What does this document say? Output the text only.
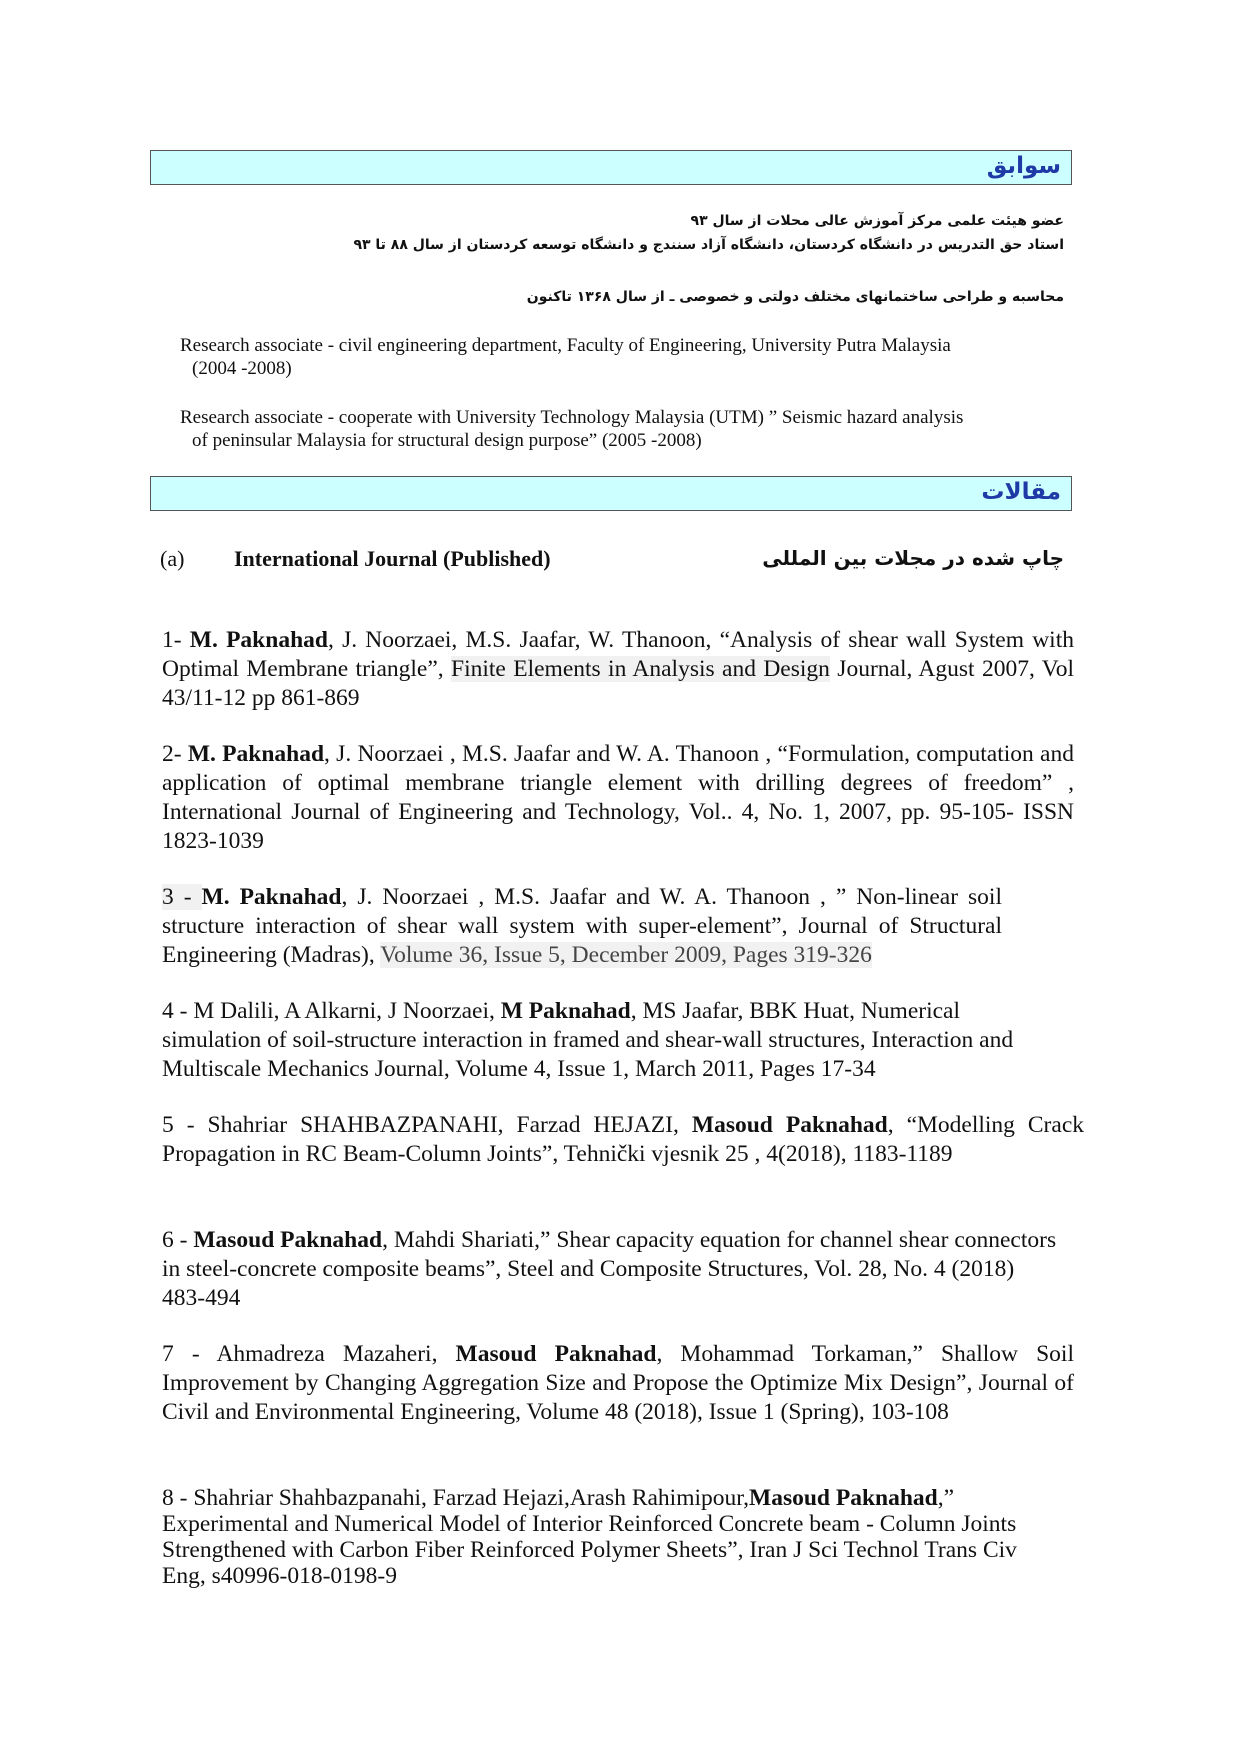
سوابق
عضو هیئت علمی مرکز آموزش عالی محلات از سال ۹۳
استاد حق التدریس در دانشگاه کردستان، دانشگاه آزاد سنندج و دانشگاه توسعه کردستان از سال ۸۸ تا ۹۳
محاسبه و طراحی ساختمانهای مختلف دولتی و خصوصی ـ از سال ۱۳۶۸ تاکنون
Research associate - civil engineering department, Faculty of Engineering, University Putra Malaysia
(2004 -2008)
Research associate - cooperate with University Technology Malaysia (UTM) ” Seismic hazard analysis
of peninsular Malaysia for structural design purpose” (2005 -2008)
مقالات
(a) International Journal (Published)	چاپ شده در مجلات بین المللی
1- M. Paknahad, J. Noorzaei, M.S. Jaafar, W. Thanoon, “Analysis of shear wall System with Optimal Membrane triangle”, Finite Elements in Analysis and Design Journal, Agust 2007, Vol 43/11-12 pp 861-869
2- M. Paknahad, J. Noorzaei , M.S. Jaafar and W. A. Thanoon , “Formulation, computation and application of optimal membrane triangle element with drilling degrees of freedom” , International Journal of Engineering and Technology, Vol.. 4, No. 1, 2007, pp. 95-105- ISSN 1823-1039
3 - M. Paknahad, J. Noorzaei , M.S. Jaafar and W. A. Thanoon , ” Non-linear soil structure interaction of shear wall system with super-element”, Journal of Structural Engineering (Madras), Volume 36, Issue 5, December 2009, Pages 319-326
4 - M Dalili, A Alkarni, J Noorzaei, M Paknahad, MS Jaafar, BBK Huat, Numerical simulation of soil-structure interaction in framed and shear-wall structures, Interaction and Multiscale Mechanics Journal, Volume 4, Issue 1, March 2011, Pages 17-34
5 - Shahriar SHAHBAZPANAHI, Farzad HEJAZI, Masoud Paknahad, “Modelling Crack Propagation in RC Beam-Column Joints”, Tehnički vjesnik 25 , 4(2018), 1183-1189
6 - Masoud Paknahad, Mahdi Shariati,” Shear capacity equation for channel shear connectors in steel-concrete composite beams”, Steel and Composite Structures, Vol. 28, No. 4 (2018) 483-494
7 - Ahmadreza Mazaheri, Masoud Paknahad, Mohammad Torkaman,” Shallow Soil Improvement by Changing Aggregation Size and Propose the Optimize Mix Design”, Journal of Civil and Environmental Engineering, Volume 48 (2018), Issue 1 (Spring), 103-108
8 - Shahriar Shahbazpanahi, Farzad Hejazi,Arash Rahimipour,Masoud Paknahad,” Experimental and Numerical Model of Interior Reinforced Concrete beam - Column Joints Strengthened with Carbon Fiber Reinforced Polymer Sheets”, Iran J Sci Technol Trans Civ Eng, s40996-018-0198-9
